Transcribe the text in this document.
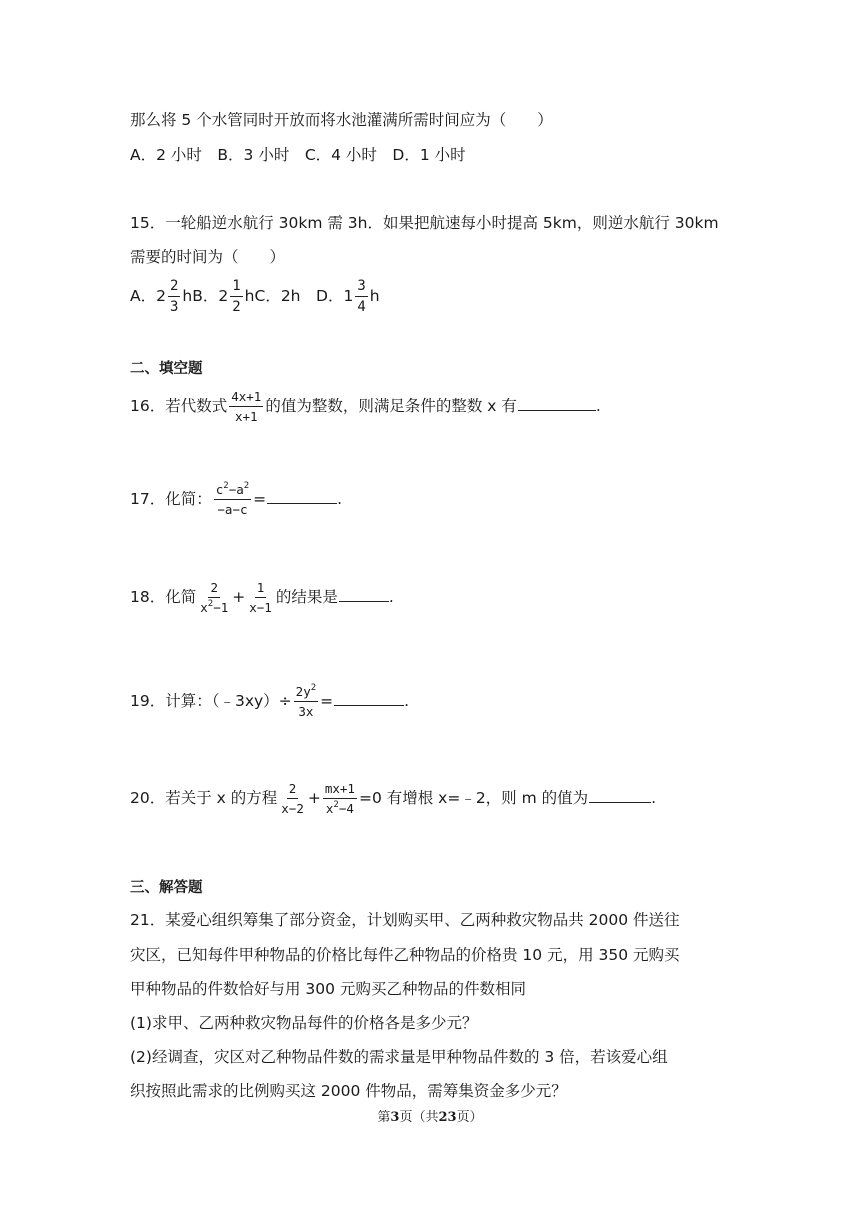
那么将 5 个水管同时开放而将水池灌满所需时间应为（　　）
A．2 小时　B．3 小时　C．4 小时　D．1 小时
15．一轮船逆水航行 30km 需 3h．如果把航速每小时提高 5km，则逆水航行 30km
需要的时间为（　　）
A．$2 \frac{2}{3}$ hB．$2 \frac{1}{2}$ hC．2h　D．$1 \frac{3}{4}$ h
二、填空题
16．若代数式 $\frac{4x+1}{x+1}$ 的值为整数，则满足条件的整数 x 有	.
17．化简： $\frac{c^2-a^2}{-a-c}$ =	.
18．化简 $\frac{2}{x^2-1} + \frac{1}{x-1}$ 的结果是	.
19．计算：（﹣3xy）÷ $\frac{2y^2}{3x}$ =	.
20．若关于 x 的方程 $\frac{2}{x-2} + \frac{mx+1}{x^2-4} =0$ 有增根 x=﹣2，则 m 的值为	.
三、解答题
21．某爱心组织筹集了部分资金，计划购买甲、乙两种救灾物品共 2000 件送往
灾区，已知每件甲种物品的价格比每件乙种物品的价格贵 10 元，用 350 元购买
甲种物品的件数恰好与用 300 元购买乙种物品的件数相同
(1)求甲、乙两种救灾物品每件的价格各是多少元？
(2)经调查，灾区对乙种物品件数的需求量是甲种物品件数的 3 倍，若该爱心组
织按照此需求的比例购买这 2000 件物品，需筹集资金多少元？
第3页（共23页）
